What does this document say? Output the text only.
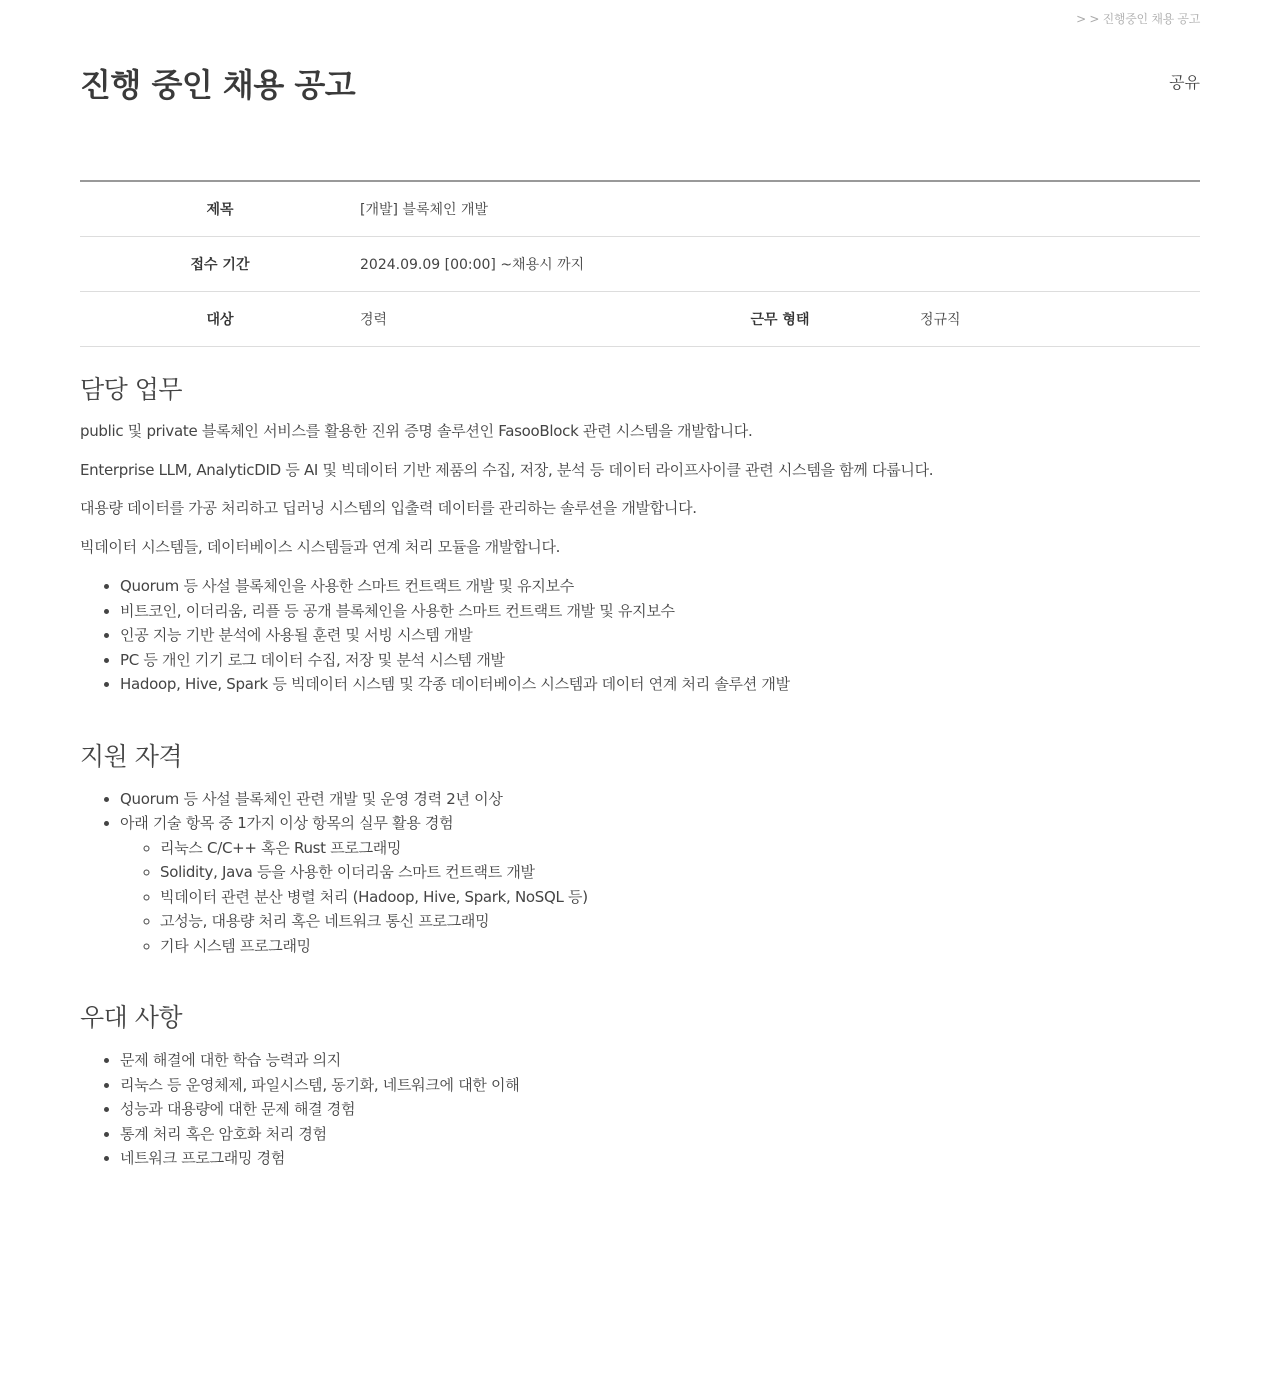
> > 진행중인 채용 공고
진행 중인 채용 공고	공유
제목	[개발] 블록체인 개발
접수 기간	2024.09.09 [00:00] ~채용시 까지
대상	경력	근무 형태	정규직
담당 업무

public 및 private 블록체인 서비스를 활용한 진위 증명 솔루션인 FasooBlock 관련 시스템을 개발합니다.

Enterprise LLM, AnalyticDID 등 AI 및 빅데이터 기반 제품의 수집, 저장, 분석 등 데이터 라이프사이클 관련 시스템을 함께 다룹니다.

대용량 데이터를 가공 처리하고 딥러닝 시스템의 입출력 데이터를 관리하는 솔루션을 개발합니다.

빅데이터 시스템들, 데이터베이스 시스템들과 연계 처리 모듈을 개발합니다.

• Quorum 등 사설 블록체인을 사용한 스마트 컨트랙트 개발 및 유지보수
• 비트코인, 이더리움, 리플 등 공개 블록체인을 사용한 스마트 컨트랙트 개발 및 유지보수
• 인공 지능 기반 분석에 사용될 훈련 및 서빙 시스템 개발
• PC 등 개인 기기 로그 데이터 수집, 저장 및 분석 시스템 개발
• Hadoop, Hive, Spark 등 빅데이터 시스템 및 각종 데이터베이스 시스템과 데이터 연계 처리 솔루션 개발
지원 자격
• Quorum 등 사설 블록체인 관련 개발 및 운영 경력 2년 이상
• 아래 기술 항목 중 1가지 이상 항목의 실무 활용 경험
◦ 리눅스 C/C++ 혹은 Rust 프로그래밍
◦ Solidity, Java 등을 사용한 이더리움 스마트 컨트랙트 개발
◦ 빅데이터 관련 분산 병렬 처리 (Hadoop, Hive, Spark, NoSQL 등)
◦ 고성능, 대용량 처리 혹은 네트워크 통신 프로그래밍
◦ 기타 시스템 프로그래밍
우대 사항
• 문제 해결에 대한 학습 능력과 의지
• 리눅스 등 운영체제, 파일시스템, 동기화, 네트워크에 대한 이해
• 성능과 대용량에 대한 문제 해결 경험
• 통계 처리 혹은 암호화 처리 경험
• 네트워크 프로그래밍 경험
